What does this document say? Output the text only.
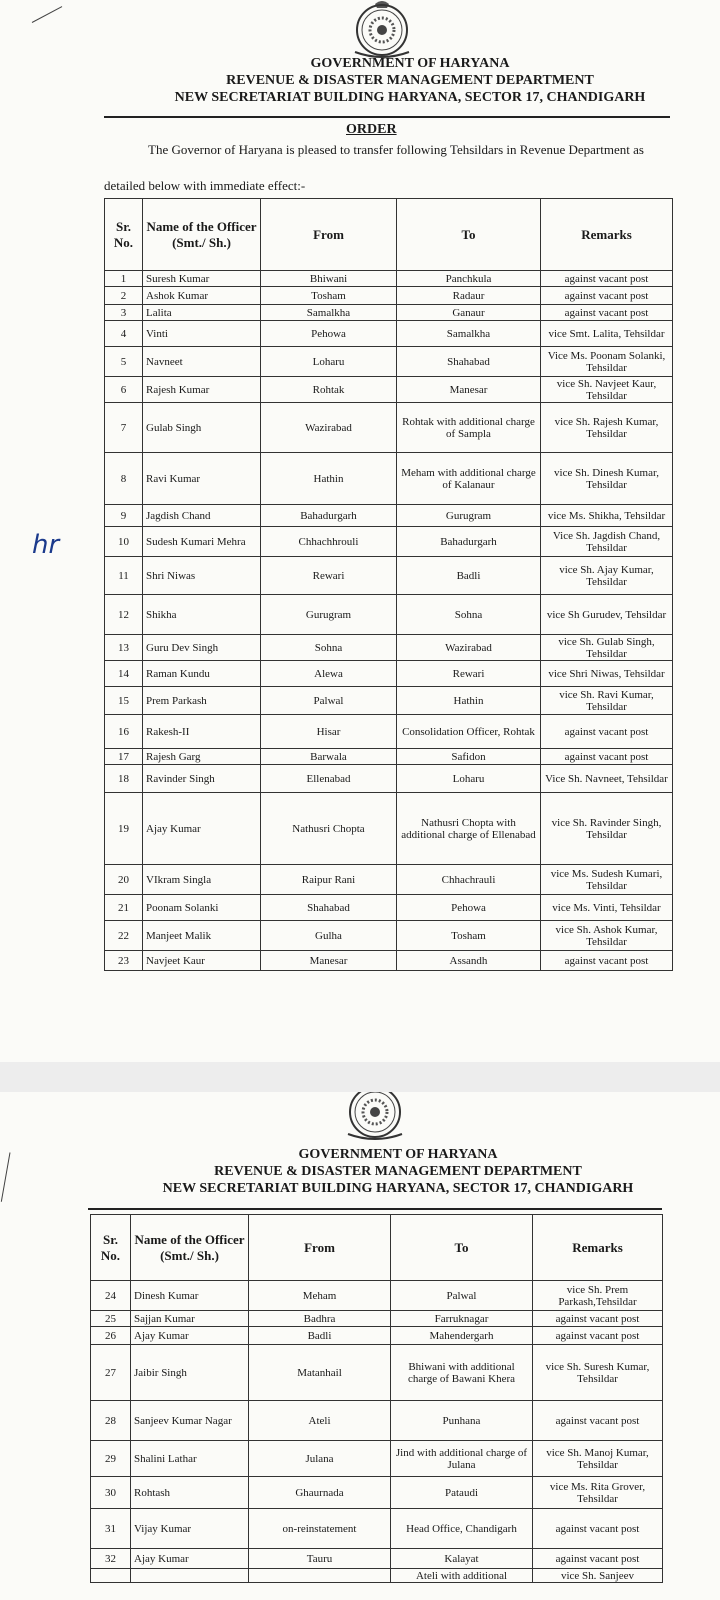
GOVERNMENT OF HARYANA
REVENUE & DISASTER MANAGEMENT DEPARTMENT
NEW SECRETARIAT BUILDING HARYANA, SECTOR 17, CHANDIGARH
ORDER
The Governor of Haryana is pleased to transfer following Tehsildars in Revenue Department as
detailed below with immediate effect:-
hr
Sr. No.	Name of the Officer (Smt./ Sh.)	From	To	Remarks
1	Suresh Kumar	Bhiwani	Panchkula	against vacant post
2	Ashok Kumar	Tosham	Radaur	against vacant post
3	Lalita	Samalkha	Ganaur	against vacant post
4	Vinti	Pehowa	Samalkha	vice Smt. Lalita, Tehsildar
5	Navneet	Loharu	Shahabad	Vice Ms. Poonam Solanki, Tehsildar
6	Rajesh Kumar	Rohtak	Manesar	vice Sh. Navjeet Kaur, Tehsildar
7	Gulab Singh	Wazirabad	Rohtak with additional charge of Sampla	vice Sh. Rajesh Kumar, Tehsildar
8	Ravi Kumar	Hathin	Meham with additional charge of Kalanaur	vice Sh. Dinesh Kumar, Tehsildar
9	Jagdish Chand	Bahadurgarh	Gurugram	vice Ms. Shikha, Tehsildar
10	Sudesh Kumari Mehra	Chhachhrouli	Bahadurgarh	Vice Sh. Jagdish Chand, Tehsildar
11	Shri Niwas	Rewari	Badli	vice Sh. Ajay Kumar, Tehsildar
12	Shikha	Gurugram	Sohna	vice Sh Gurudev, Tehsildar
13	Guru Dev Singh	Sohna	Wazirabad	vice Sh. Gulab Singh, Tehsildar
14	Raman Kundu	Alewa	Rewari	vice Shri Niwas, Tehsildar
15	Prem Parkash	Palwal	Hathin	vice Sh. Ravi Kumar, Tehsildar
16	Rakesh-II	Hisar	Consolidation Officer, Rohtak	against vacant post
17	Rajesh Garg	Barwala	Safidon	against vacant post
18	Ravinder Singh	Ellenabad	Loharu	Vice Sh. Navneet, Tehsildar
19	Ajay Kumar	Nathusri Chopta	Nathusri Chopta with additional charge of Ellenabad	vice Sh. Ravinder Singh, Tehsildar
20	VIkram Singla	Raipur Rani	Chhachrauli	vice Ms. Sudesh Kumari, Tehsildar
21	Poonam Solanki	Shahabad	Pehowa	vice Ms. Vinti, Tehsildar
22	Manjeet Malik	Gulha	Tosham	vice Sh. Ashok Kumar, Tehsildar
23	Navjeet Kaur	Manesar	Assandh	against vacant post
GOVERNMENT OF HARYANA
REVENUE & DISASTER MANAGEMENT DEPARTMENT
NEW SECRETARIAT BUILDING HARYANA, SECTOR 17, CHANDIGARH
Sr. No.	Name of the Officer (Smt./ Sh.)	From	To	Remarks
24	Dinesh Kumar	Meham	Palwal	vice Sh. Prem Parkash,Tehsildar
25	Sajjan Kumar	Badhra	Farruknagar	against vacant post
26	Ajay Kumar	Badli	Mahendergarh	against vacant post
27	Jaibir Singh	Matanhail	Bhiwani with additional charge of Bawani Khera	vice Sh. Suresh Kumar, Tehsildar
28	Sanjeev Kumar Nagar	Ateli	Punhana	against vacant post
29	Shalini Lathar	Julana	Jind with additional charge of Julana	vice Sh. Manoj Kumar, Tehsildar
30	Rohtash	Ghaurnada	Pataudi	vice Ms. Rita Grover, Tehsildar
31	Vijay Kumar	on-reinstatement	Head Office, Chandigarh	against vacant post
32	Ajay Kumar	Tauru	Kalayat	against vacant post
			Ateli with additional	vice Sh. Sanjeev
